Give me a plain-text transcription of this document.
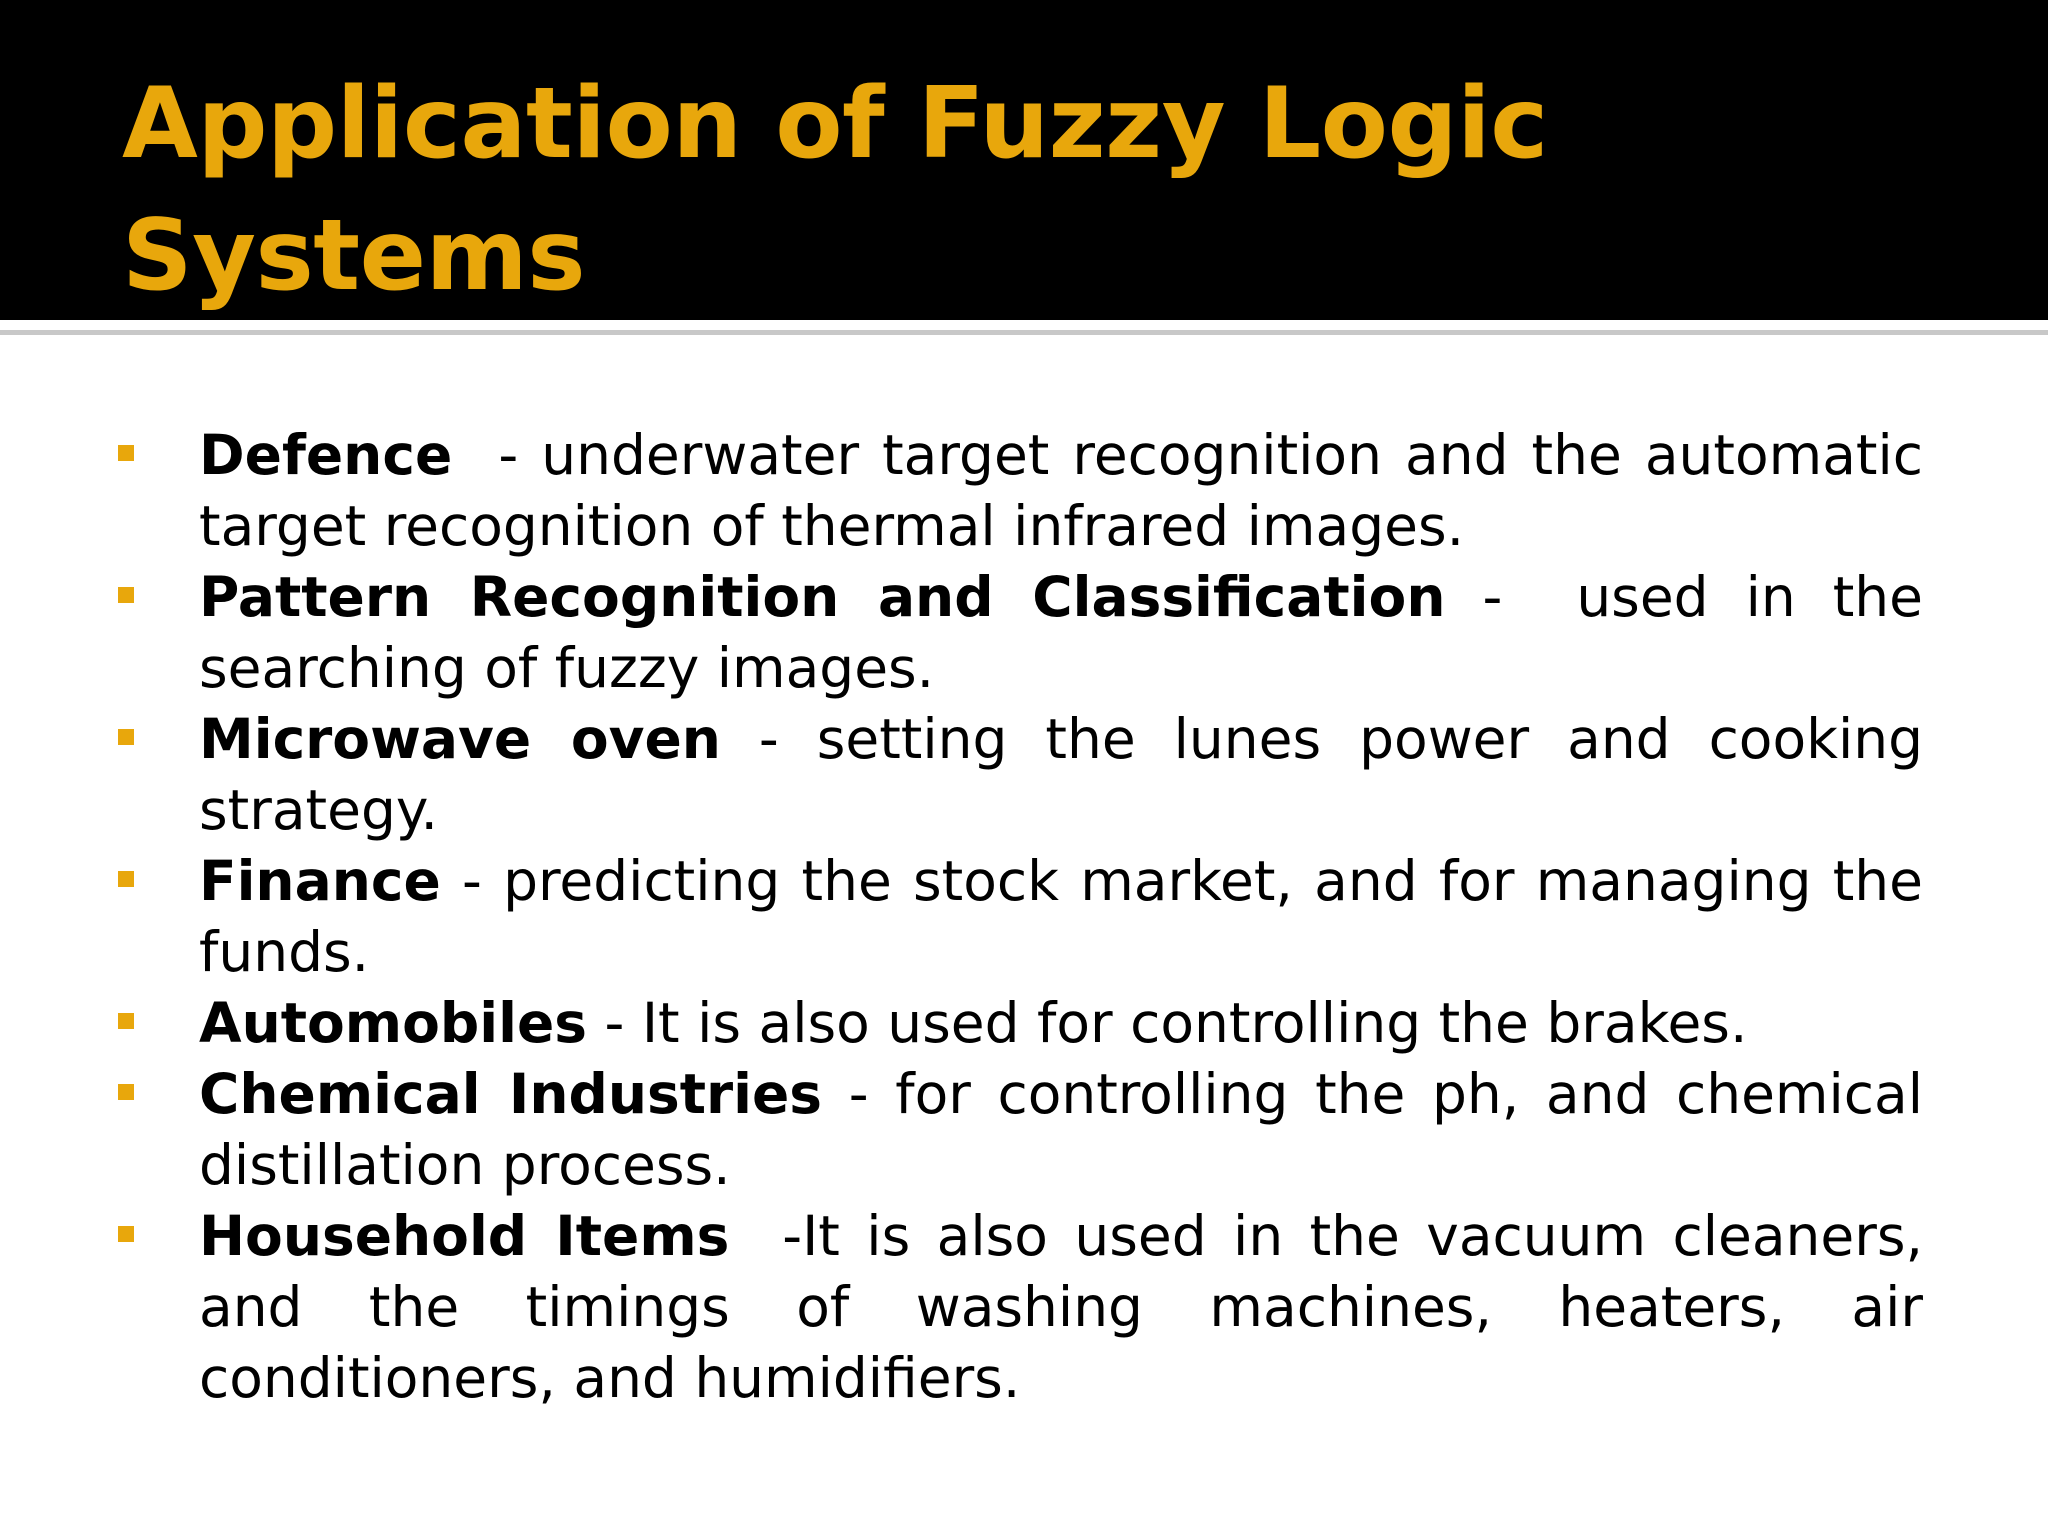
Application of Fuzzy Logic Systems

Defence  - underwater target recognition and the automatic target recognition of thermal infrared images.

Pattern Recognition and Classification -  used in the searching of fuzzy images.

Microwave oven - setting the lunes power and cooking strategy.

Finance - predicting the stock market, and for managing the funds.

Automobiles - It is also used for controlling the brakes.

Chemical Industries - for controlling the ph, and chemical distillation process.

Household Items  -It is also used in the vacuum cleaners, and the timings of washing machines, heaters, air conditioners, and humidifiers.
